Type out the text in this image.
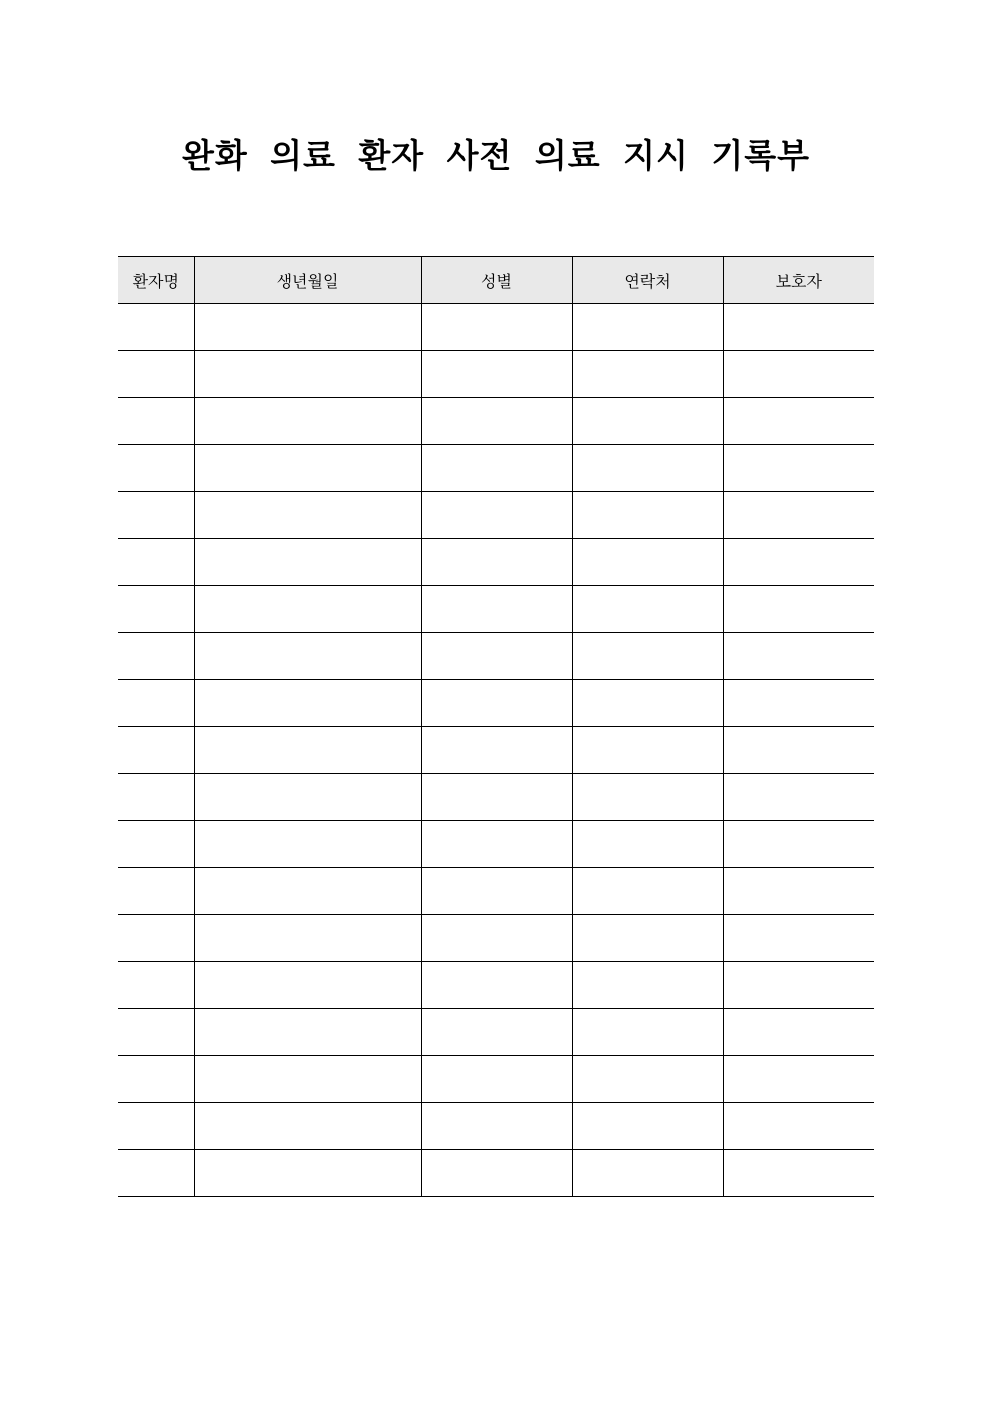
완화 의료 환자 사전 의료 지시 기록부
환자명	생년월일	성별	연락처	보호자
